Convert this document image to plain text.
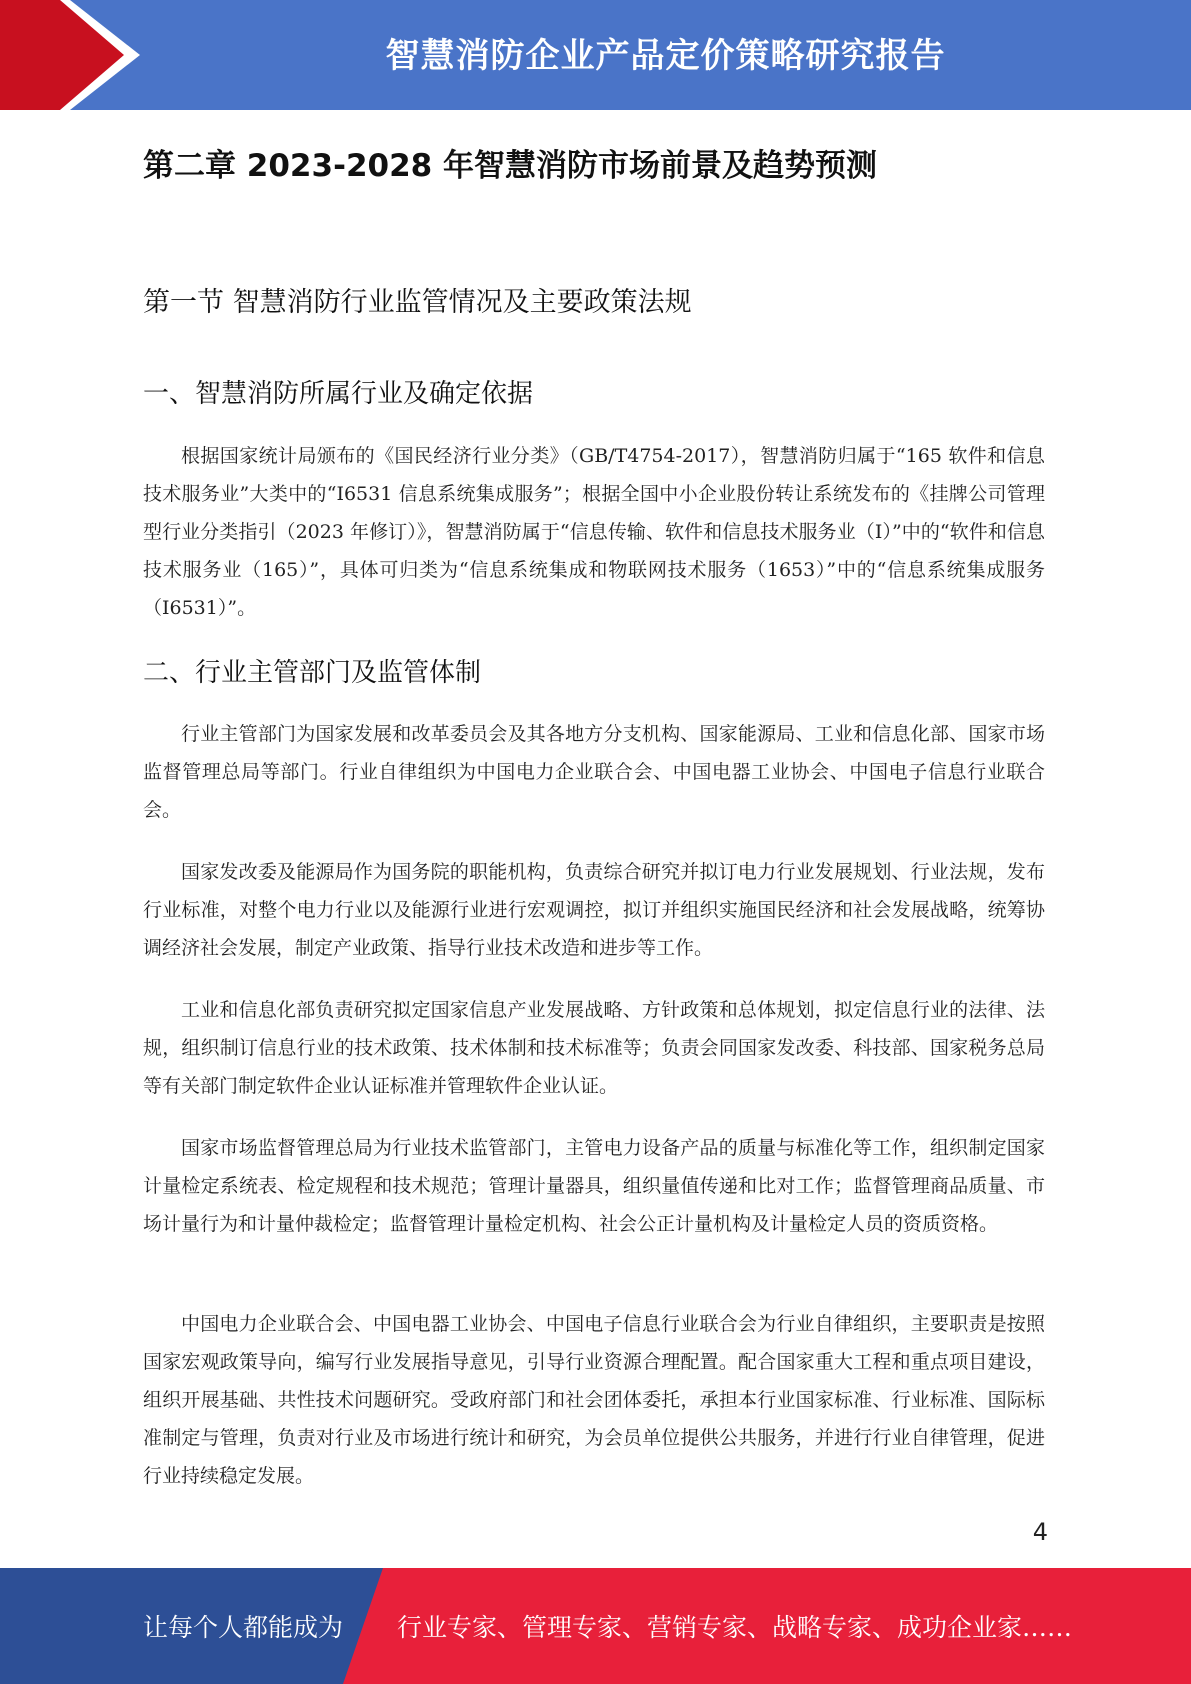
智慧消防企业产品定价策略研究报告
第二章 2023-2028 年智慧消防市场前景及趋势预测
第一节 智慧消防行业监管情况及主要政策法规
一、智慧消防所属行业及确定依据

根据国家统计局颁布的《国民经济行业分类》（GB/T4754-2017），智慧消防归属于“165 软件和信息技术服务业”大类中的“I6531 信息系统集成服务”；根据全国中小企业股份转让系统发布的《挂牌公司管理型行业分类指引（2023 年修订）》，智慧消防属于“信息传输、软件和信息技术服务业（I）”中的“软件和信息技术服务业（165）”，具体可归类为“信息系统集成和物联网技术服务（1653）”中的“信息系统集成服务（I6531）”。

二、行业主管部门及监管体制

行业主管部门为国家发展和改革委员会及其各地方分支机构、国家能源局、工业和信息化部、国家市场监督管理总局等部门。行业自律组织为中国电力企业联合会、中国电器工业协会、中国电子信息行业联合会。

国家发改委及能源局作为国务院的职能机构，负责综合研究并拟订电力行业发展规划、行业法规，发布行业标准，对整个电力行业以及能源行业进行宏观调控，拟订并组织实施国民经济和社会发展战略，统筹协调经济社会发展，制定产业政策、指导行业技术改造和进步等工作。

工业和信息化部负责研究拟定国家信息产业发展战略、方针政策和总体规划，拟定信息行业的法律、法规，组织制订信息行业的技术政策、技术体制和技术标准等；负责会同国家发改委、科技部、国家税务总局等有关部门制定软件企业认证标准并管理软件企业认证。

国家市场监督管理总局为行业技术监管部门，主管电力设备产品的质量与标准化等工作，组织制定国家计量检定系统表、检定规程和技术规范；管理计量器具，组织量值传递和比对工作；监督管理商品质量、市场计量行为和计量仲裁检定；监督管理计量检定机构、社会公正计量机构及计量检定人员的资质资格。

中国电力企业联合会、中国电器工业协会、中国电子信息行业联合会为行业自律组织，主要职责是按照国家宏观政策导向，编写行业发展指导意见，引导行业资源合理配置。配合国家重大工程和重点项目建设，组织开展基础、共性技术问题研究。受政府部门和社会团体委托，承担本行业国家标准、行业标准、国际标准制定与管理，负责对行业及市场进行统计和研究，为会员单位提供公共服务，并进行行业自律管理，促进行业持续稳定发展。

4
让每个人都能成为 行业专家、管理专家、营销专家、战略专家、成功企业家……
